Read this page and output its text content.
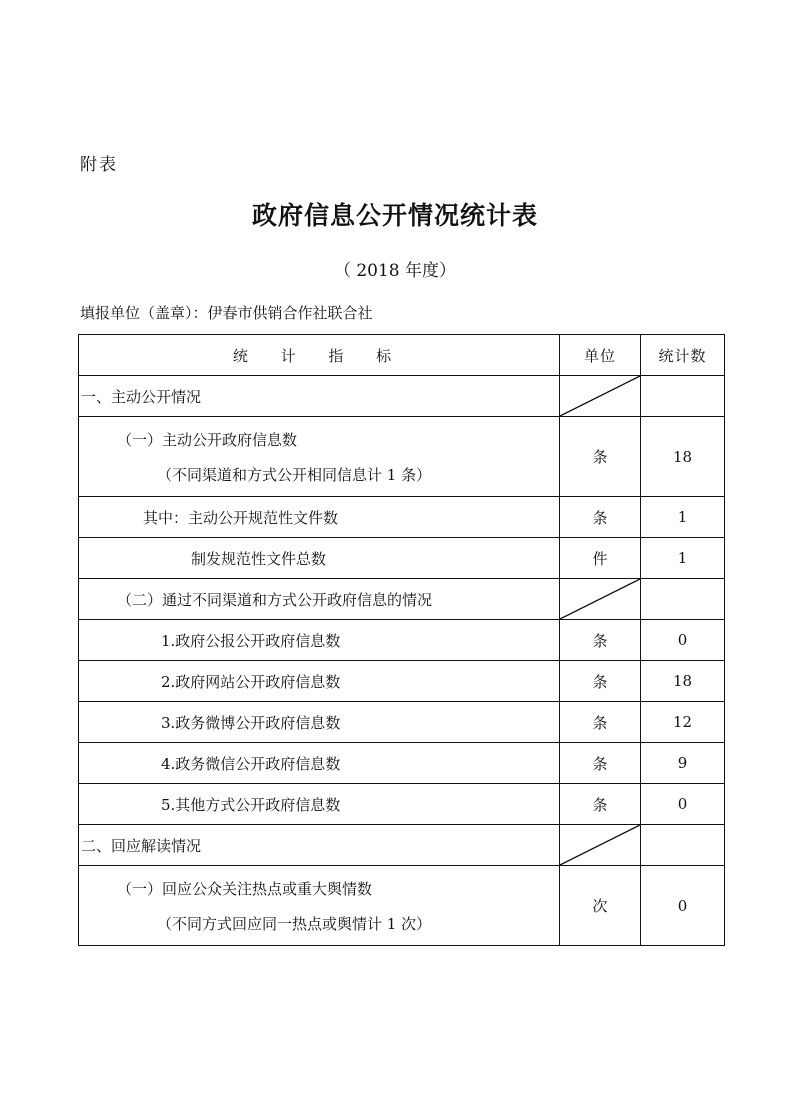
附表
政府信息公开情况统计表
（ 2018 年度）
填报单位（盖章）：伊春市供销合作社联合社
统 计 指 标	单位	统计数
一、主动公开情况	

（一）主动公开政府信息数
（不同渠道和方式公开相同信息计 1 条）	条	18
其中：主动公开规范性文件数	条	1
制发规范性文件总数	件	1
（二）通过不同渠道和方式公开政府信息的情况	

1.政府公报公开政府信息数	条	0
2.政府网站公开政府信息数	条	18
3.政务微博公开政府信息数	条	12
4.政务微信公开政府信息数	条	9
5.其他方式公开政府信息数	条	0
二、回应解读情况	

（一）回应公众关注热点或重大舆情数
（不同方式回应同一热点或舆情计 1 次）	次	0
